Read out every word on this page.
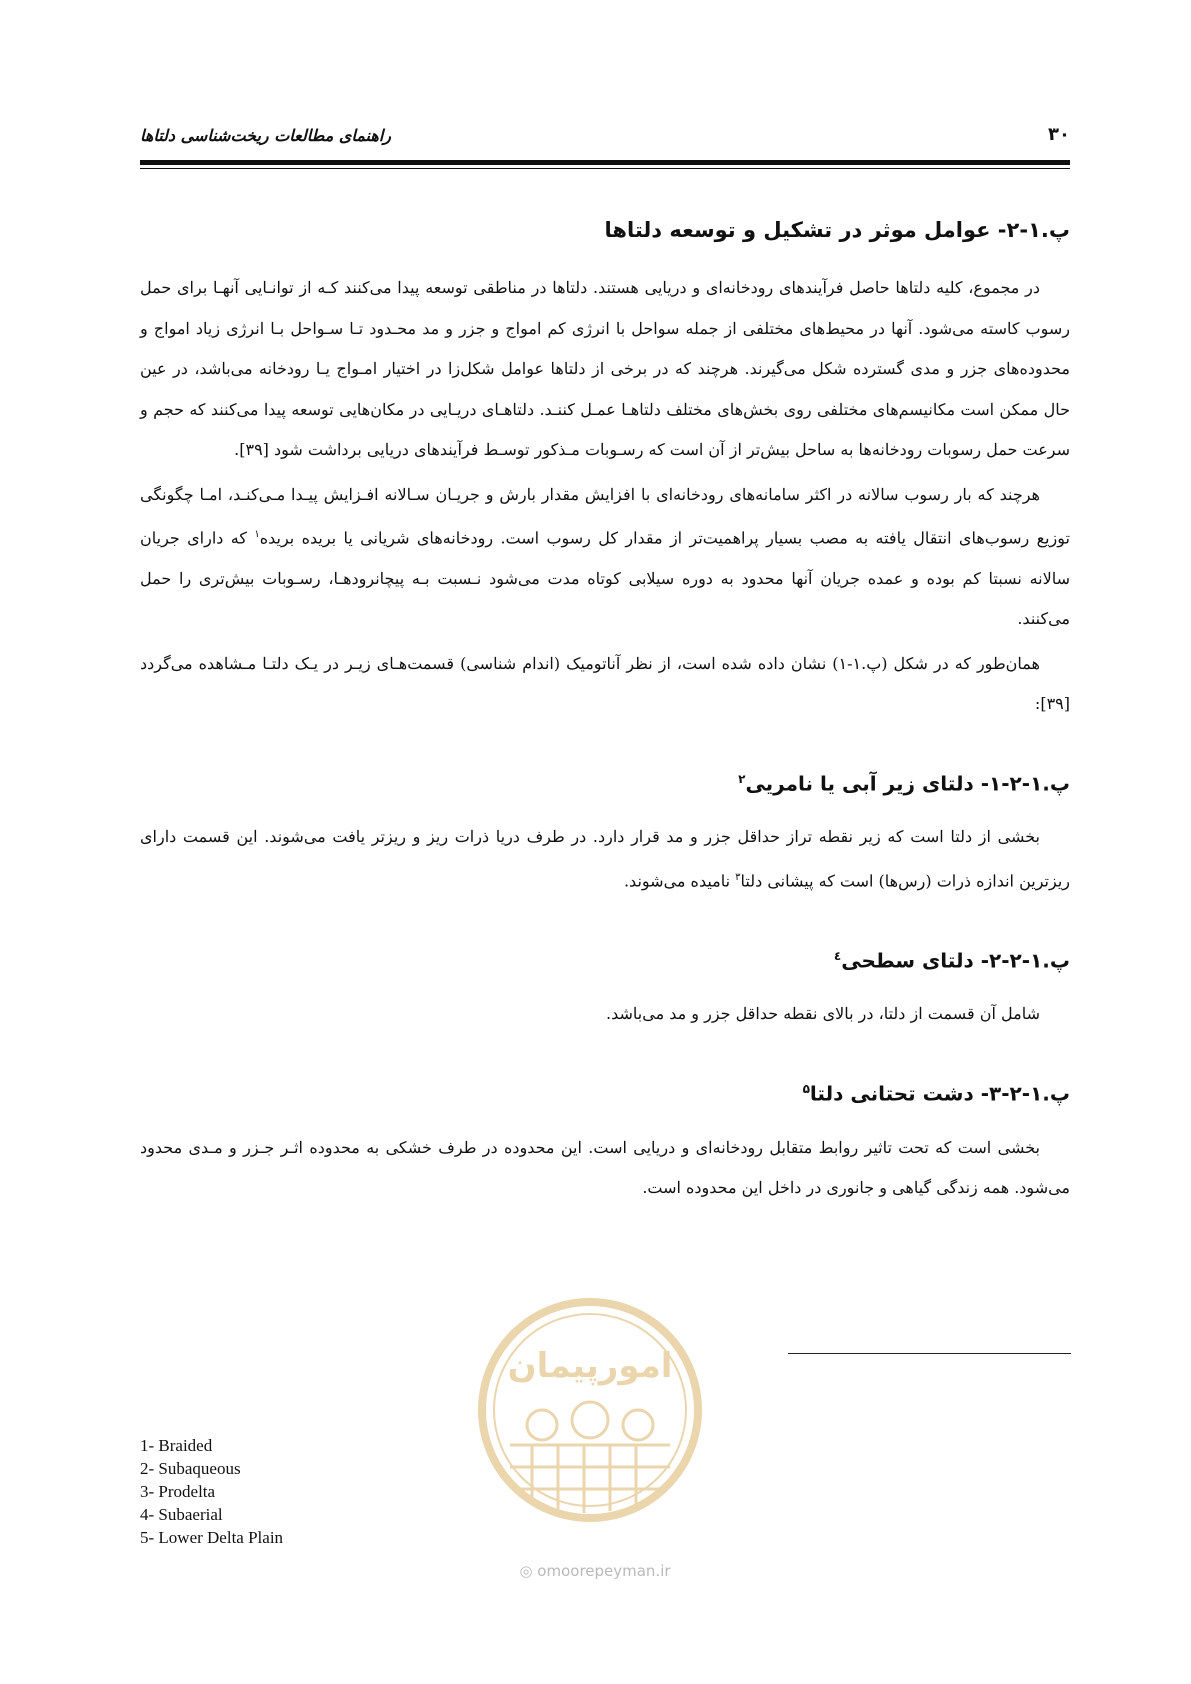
۳۰
راهنمای مطالعات ریخت‌شناسی دلتاها
پ.۱-۲- عوامل موثر در تشکیل و توسعه دلتاها

در مجموع، کلیه دلتاها حاصل فرآیندهای رودخانه‌ای و دریایی هستند. دلتاها در مناطقی توسعه پیدا می‌کنند کـه از توانـایی آنهـا برای حمل رسوب کاسته می‌شود. آنها در محیط‌های مختلفی از جمله سواحل با انرژی کم امواج و جزر و مد محـدود تـا سـواحل بـا انرژی زیاد امواج و محدوده‌های جزر و مدی گسترده شکل می‌گیرند. هرچند که در برخی از دلتاها عوامل شکل‌زا در اختیار امـواج یـا رودخانه می‌باشد، در عین حال ممکن است مکانیسم‌های مختلفی روی بخش‌های مختلف دلتاهـا عمـل کننـد. دلتاهـای دریـایی در مکان‌هایی توسعه پیدا می‌کنند که حجم و سرعت حمل رسوبات رودخانه‌ها به ساحل بیش‌تر از آن است که رسـوبات مـذکور توسـط فرآیندهای دریایی برداشت شود [۳۹].

هرچند که بار رسوب سالانه در اکثر سامانه‌های رودخانه‌ای با افزایش مقدار بارش و جریـان سـالانه افـزایش پیـدا مـی‌کنـد، امـا چگونگی توزیع رسوب‌های انتقال یافته به مصب بسیار پراهمیت‌تر از مقدار کل رسوب است. رودخانه‌های شریانی یا بریده بریده$^۱$ که دارای جریان سالانه نسبتا کم بوده و عمده جریان آنها محدود به دوره سیلابی کوتاه مدت می‌شود نـسبت بـه پیچانرودهـا، رسـوبات بیش‌تری را حمل می‌کنند.

همان‌طور که در شکل (پ.۱-۱) نشان داده شده است، از نظر آناتومیک (اندام شناسی) قسمت‌هـای زیـر در یـک دلتـا مـشاهده می‌گردد [۳۹]:

پ.۱-۲-۱- دلتای زیر آبی یا نامریی$^۲$

بخشی از دلتا است که زیر نقطه تراز حداقل جزر و مد قرار دارد. در طرف دریا ذرات ریز و ریزتر یافت می‌شوند. این قسمت دارای ریزترین اندازه ذرات (رس‌ها) است که پیشانی دلتا$^۳$ نامیده می‌شوند.

پ.۱-۲-۲- دلتای سطحی$^٤$

شامل آن قسمت از دلتا، در بالای نقطه حداقل جزر و مد می‌باشد.

پ.۱-۲-۳- دشت تحتانی دلتا$^۵$

بخشی است که تحت تاثیر روابط متقابل رودخانه‌ای و دریایی است. این محدوده در طرف خشکی به محدوده اثـر جـزر و مـدی محدود می‌شود. همه زندگی گیاهی و جانوری در داخل این محدوده است.

امورپیمان
◎ omoorepeyman.ir
1- Braided
2- Subaqueous
3- Prodelta
4- Subaerial
5- Lower Delta Plain
